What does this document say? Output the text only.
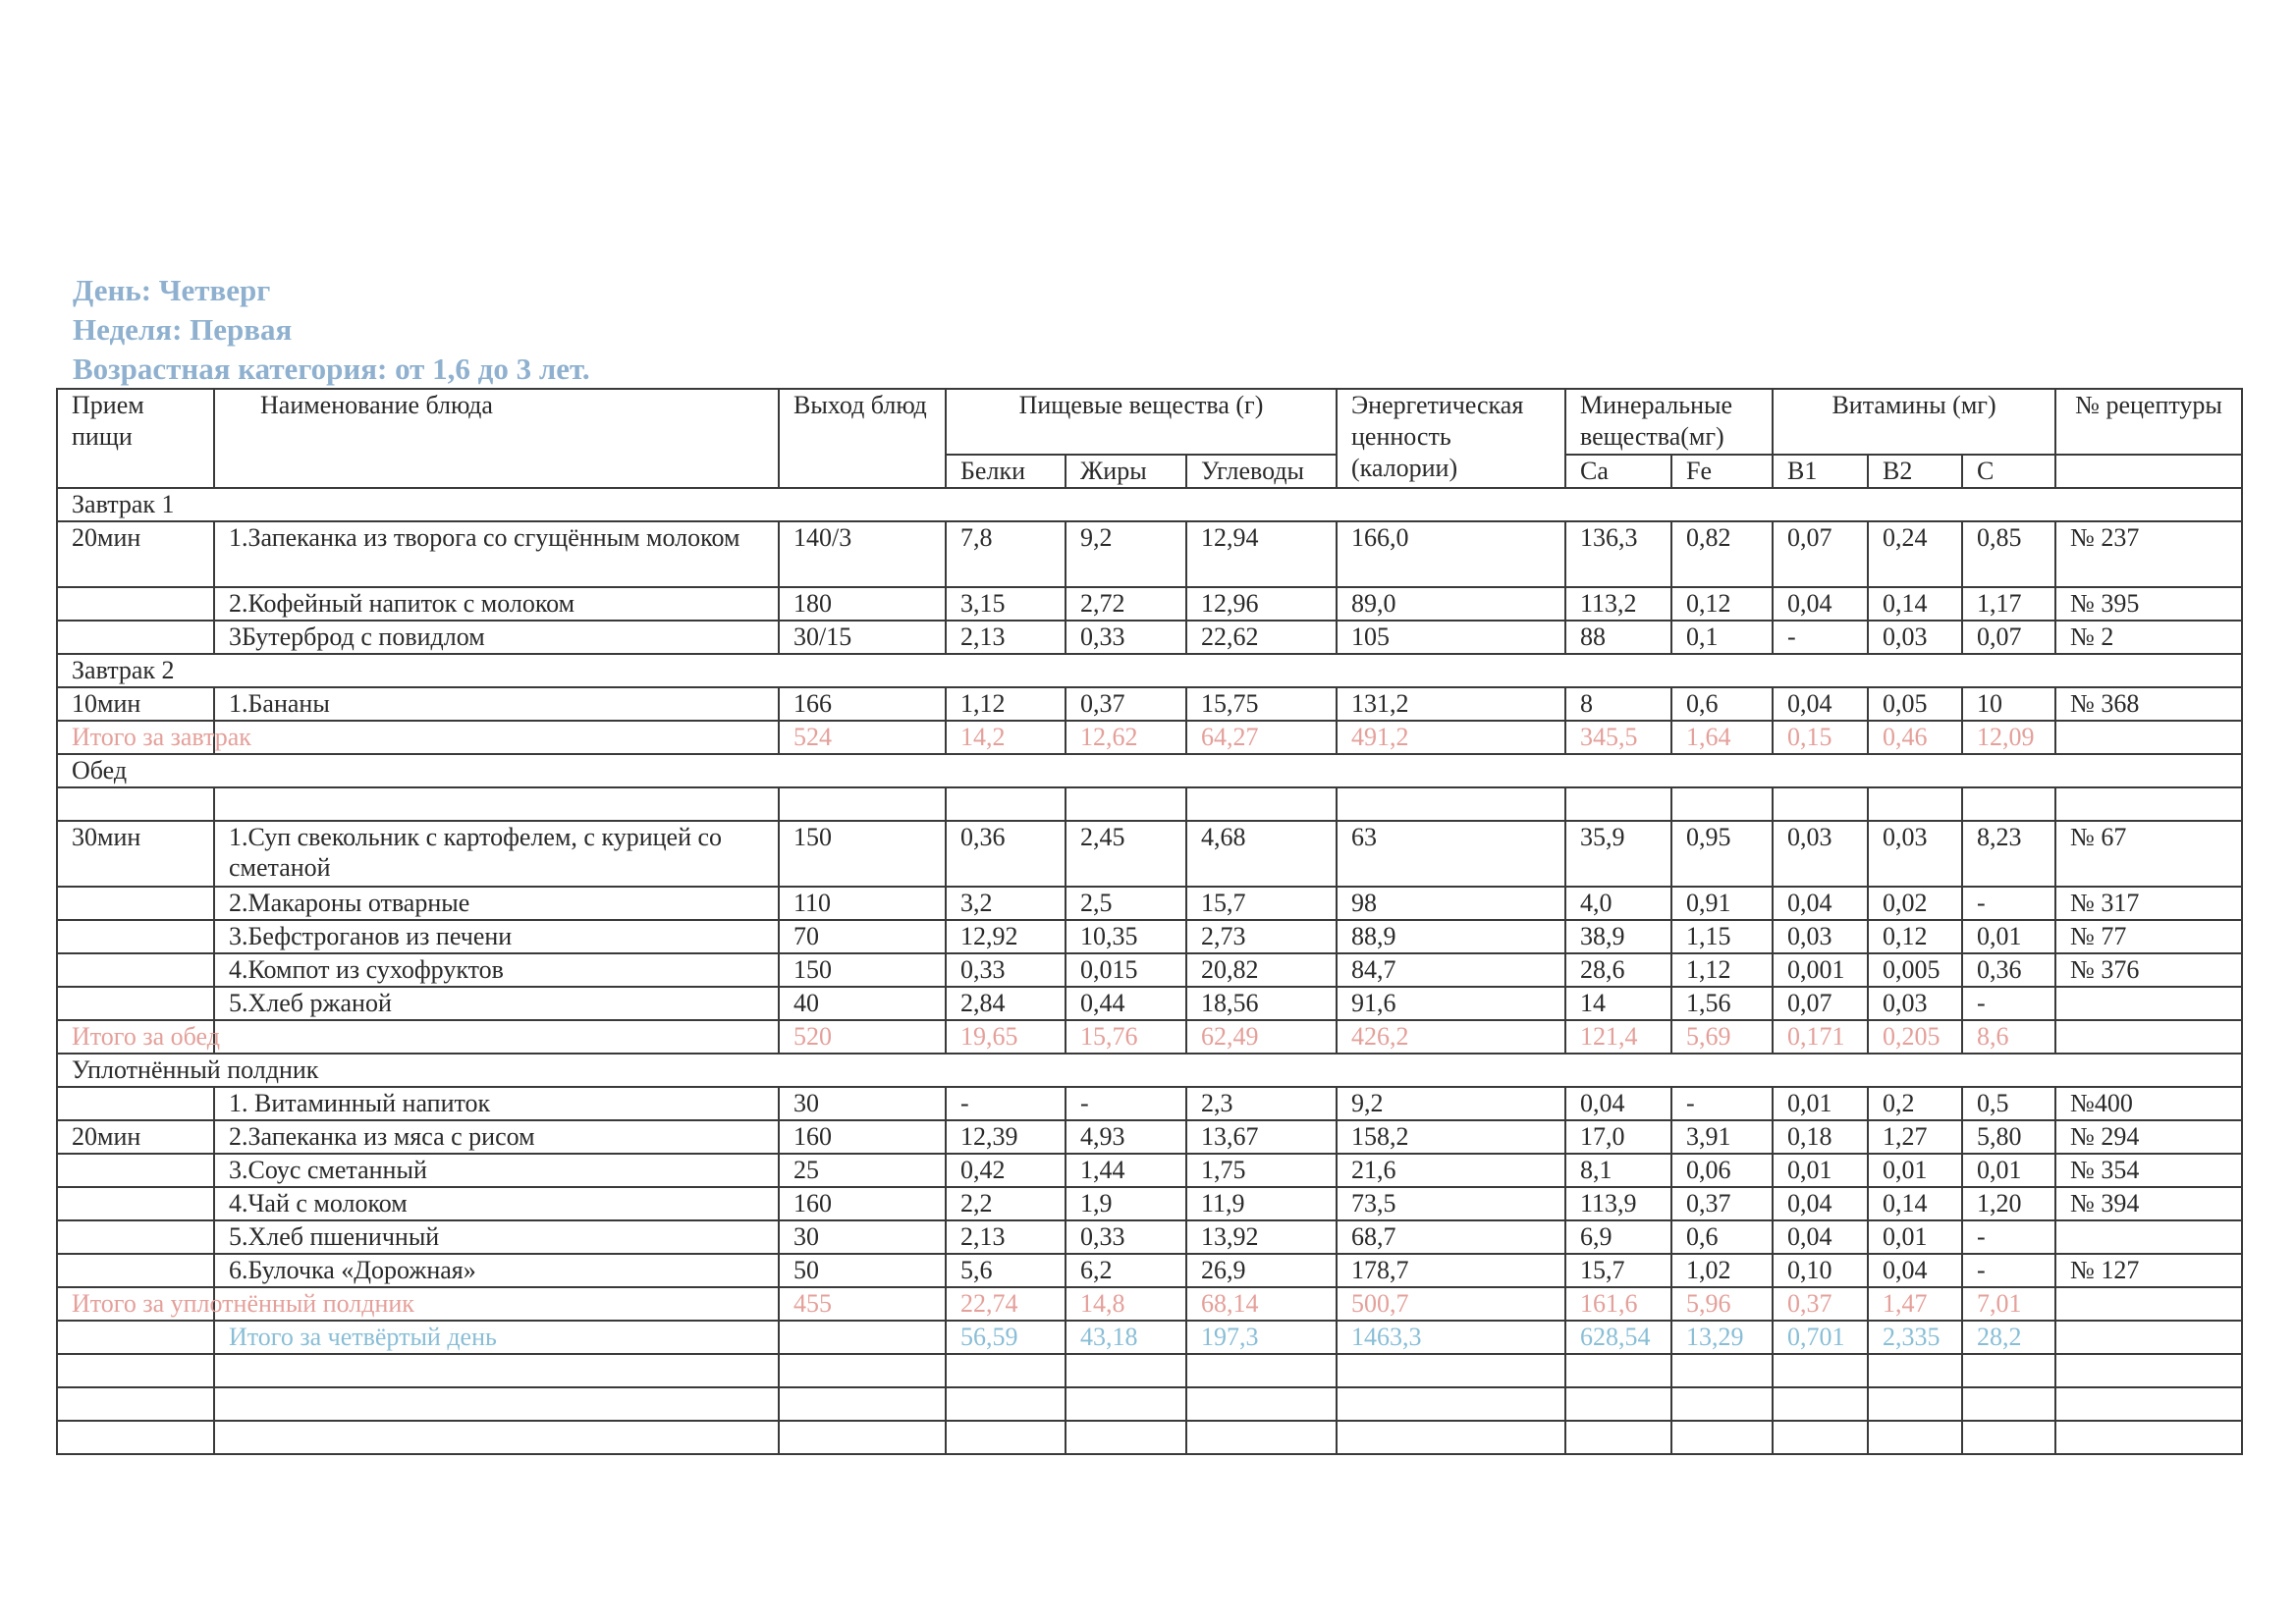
День: Четверг
Неделя: Первая
Возрастная категория: от 1,6 до 3 лет.
Прием пищи	Наименование блюда	Выход блюд	Пищевые вещества (г)			Энергетическая ценность (калории)	Минеральные вещества(мг)		Витамины (мг)			№ рецептуры
			Белки	Жиры	Углеводы		Ca	Fe	B1	B2	C	
Завтрак 1												
20мин	1.Запеканка из творога со сгущённым молоком	140/3	7,8	9,2	12,94	166,0	136,3	0,82	0,07	0,24	0,85	№ 237
	2.Кофейный напиток с молоком	180	3,15	2,72	12,96	89,0	113,2	0,12	0,04	0,14	1,17	№ 395
	3Бутерброд с повидлом	30/15	2,13	0,33	22,62	105	88	0,1	-	0,03	0,07	№ 2
Завтрак 2												
10мин	1.Бананы	166	1,12	0,37	15,75	131,2	8	0,6	0,04	0,05	10	№ 368
Итого за завтрак		524	14,2	12,62	64,27	491,2	345,5	1,64	0,15	0,46	12,09	
Обед												

30мин	1.Суп свекольник с картофелем, с курицей со сметаной	150	0,36	2,45	4,68	63	35,9	0,95	0,03	0,03	8,23	№ 67
	2.Макароны отварные	110	3,2	2,5	15,7	98	4,0	0,91	0,04	0,02	-	№ 317
	3.Бефстроганов из печени	70	12,92	10,35	2,73	88,9	38,9	1,15	0,03	0,12	0,01	№ 77
	4.Компот из сухофруктов	150	0,33	0,015	20,82	84,7	28,6	1,12	0,001	0,005	0,36	№ 376
	5.Хлеб ржаной	40	2,84	0,44	18,56	91,6	14	1,56	0,07	0,03	-	
Итого за обед		520	19,65	15,76	62,49	426,2	121,4	5,69	0,171	0,205	8,6	
Уплотнённый полдник												
	1. Витаминный напиток	30	-	-	2,3	9,2	0,04	-	0,01	0,2	0,5	№400
20мин	2.Запеканка из мяса с рисом	160	12,39	4,93	13,67	158,2	17,0	3,91	0,18	1,27	5,80	№ 294
	3.Соус сметанный	25	0,42	1,44	1,75	21,6	8,1	0,06	0,01	0,01	0,01	№ 354
	4.Чай с молоком	160	2,2	1,9	11,9	73,5	113,9	0,37	0,04	0,14	1,20	№ 394
	5.Хлеб пшеничный	30	2,13	0,33	13,92	68,7	6,9	0,6	0,04	0,01	-	
	6.Булочка «Дорожная»	50	5,6	6,2	26,9	178,7	15,7	1,02	0,10	0,04	-	№ 127
Итого за уплотнённый полдник		455	22,74	14,8	68,14	500,7	161,6	5,96	0,37	1,47	7,01	
	Итого за четвёртый день		56,59	43,18	197,3	1463,3	628,54	13,29	0,701	2,335	28,2	
